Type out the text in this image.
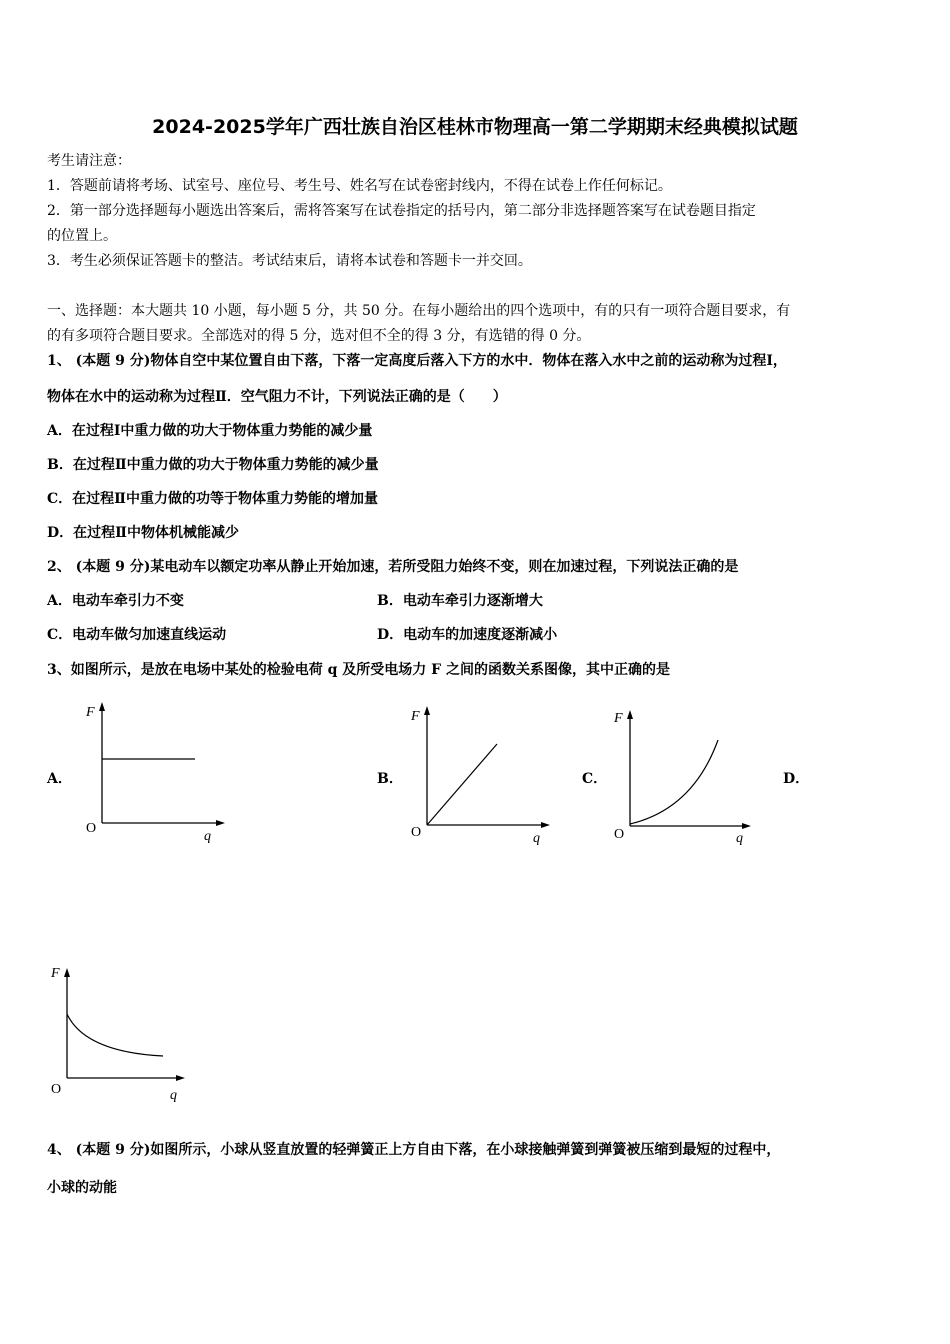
2024-2025学年广西壮族自治区桂林市物理高一第二学期期末经典模拟试题
考生请注意：
1．答题前请将考场、试室号、座位号、考生号、姓名写在试卷密封线内，不得在试卷上作任何标记。
2．第一部分选择题每小题选出答案后，需将答案写在试卷指定的括号内，第二部分非选择题答案写在试卷题目指定
的位置上。
3．考生必须保证答题卡的整洁。考试结束后，请将本试卷和答题卡一并交回。
一、选择题：本大题共 10 小题，每小题 5 分，共 50 分。在每小题给出的四个选项中，有的只有一项符合题目要求，有
的有多项符合题目要求。全部选对的得 5 分，选对但不全的得 3 分，有选错的得 0 分。
1、 (本题 9 分)物体自空中某位置自由下落，下落一定高度后落入下方的水中．物体在落入水中之前的运动称为过程Ⅰ，
物体在水中的运动称为过程Ⅱ．空气阻力不计，下列说法正确的是（　　）
A．在过程Ⅰ中重力做的功大于物体重力势能的减少量
B．在过程Ⅱ中重力做的功大于物体重力势能的减少量
C．在过程Ⅱ中重力做的功等于物体重力势能的增加量
D．在过程Ⅱ中物体机械能减少
2、 (本题 9 分)某电动车以额定功率从静止开始加速，若所受阻力始终不变，则在加速过程，下列说法正确的是
A．电动车牵引力不变	B．电动车牵引力逐渐增大
C．电动车做匀加速直线运动	D．电动车的加速度逐渐减小
3、如图所示，是放在电场中某处的检验电荷 q 及所受电场力 F 之间的函数关系图像，其中正确的是
A．	B．	C．	D．
F
q
O
F
q
O
F
q
O
F
q
O
4、 (本题 9 分)如图所示，小球从竖直放置的轻弹簧正上方自由下落，在小球接触弹簧到弹簧被压缩到最短的过程中，
小球的动能
